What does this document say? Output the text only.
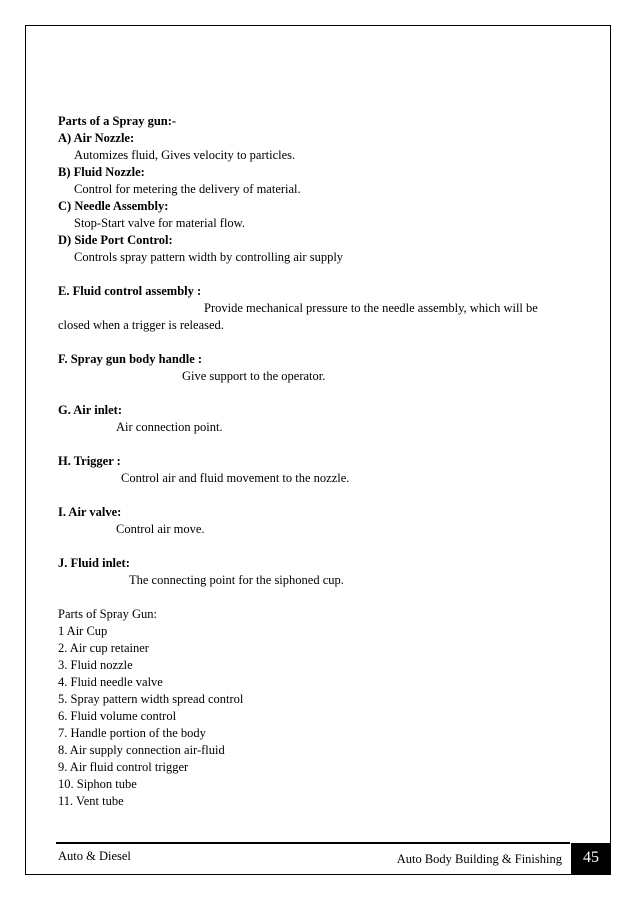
Parts of a Spray gun:-
A) Air Nozzle:
Automizes fluid, Gives velocity to particles.
B) Fluid Nozzle:
Control for metering the delivery of material.
C) Needle Assembly:
Stop-Start valve for material flow.
D) Side Port Control:
Controls spray pattern width by controlling air supply
E. Fluid control assembly :
Provide mechanical pressure to the needle assembly, which will be
closed when a trigger is released.
F. Spray gun body handle :
Give support to the operator.
G. Air inlet:
Air connection point.
H. Trigger :
Control air and fluid movement to the nozzle.
I. Air valve:
Control air move.
J. Fluid inlet:
The connecting point for the siphoned cup.
Parts of Spray Gun:
1 Air Cup
2. Air cup retainer
3. Fluid nozzle
4. Fluid needle valve
5. Spray pattern width spread control
6. Fluid volume control
7. Handle portion of the body
8. Air supply connection air-fluid
9. Air fluid control trigger
10. Siphon tube
11. Vent tube
Auto & Diesel	Auto Body Building & Finishing	45
